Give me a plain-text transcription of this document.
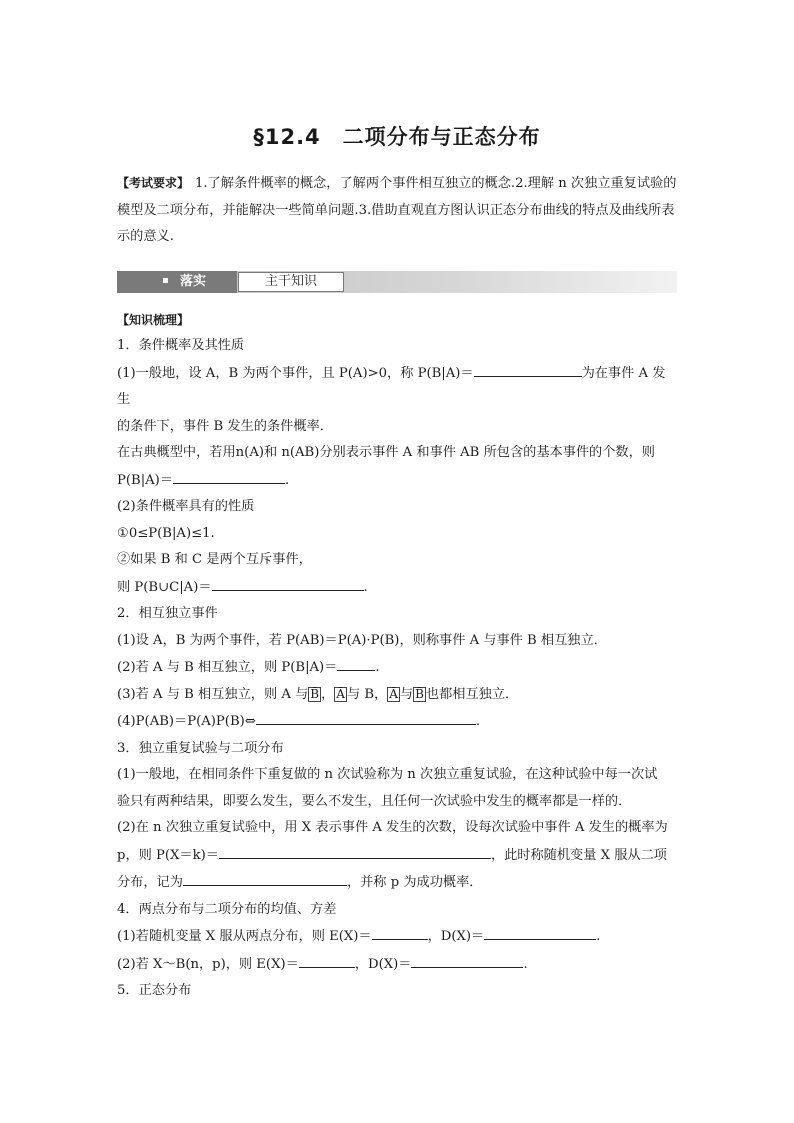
§12.4　二项分布与正态分布

【考试要求】 1.了解条件概率的概念，了解两个事件相互独立的概念.2.理解 n 次独立重复试验的模型及二项分布，并能解决一些简单问题.3.借助直观直方图认识正态分布曲线的特点及曲线所表示的意义.

落实	主干知识

【知识梳理】

1．条件概率及其性质

(1)一般地，设 A，B 为两个事件，且 P(A)>0，称 P(B|A)＝	为在事件 A 发生

的条件下，事件 B 发生的条件概率．

在古典概型中，若用n(A)和 n(AB)分别表示事件 A 和事件 AB 所包含的基本事件的个数，则

P(B|A)＝	.

(2)条件概率具有的性质

①0≤P(B|A)≤1.

②如果 B 和 C 是两个互斥事件，

则 P(B∪C|A)＝	.

2．相互独立事件

(1)设 A，B 为两个事件，若 P(AB)＝P(A)·P(B)，则称事件 A 与事件 B 相互独立．

(2)若 A 与 B 相互独立，则 P(B|A)＝	.

(3)若 A 与 B 相互独立，则 A 与 B̄ ， Ā 与 B， Ā 与 B̄ 也都相互独立．

(4)P(AB)＝P(A)P(B)⇔	.

3．独立重复试验与二项分布

(1)一般地，在相同条件下重复做的 n 次试验称为 n 次独立重复试验，在这种试验中每一次试

验只有两种结果，即要么发生，要么不发生，且任何一次试验中发生的概率都是一样的．

(2)在 n 次独立重复试验中，用 X 表示事件 A 发生的次数，设每次试验中事件 A 发生的概率为

p，则 P(X＝k)＝	，此时称随机变量 X 服从二项

分布，记为	，并称 p 为成功概率．

4．两点分布与二项分布的均值、方差

(1)若随机变量 X 服从两点分布，则 E(X)＝	，D(X)＝	.

(2)若 X～B(n，p)，则 E(X)＝	，D(X)＝	.

5．正态分布
